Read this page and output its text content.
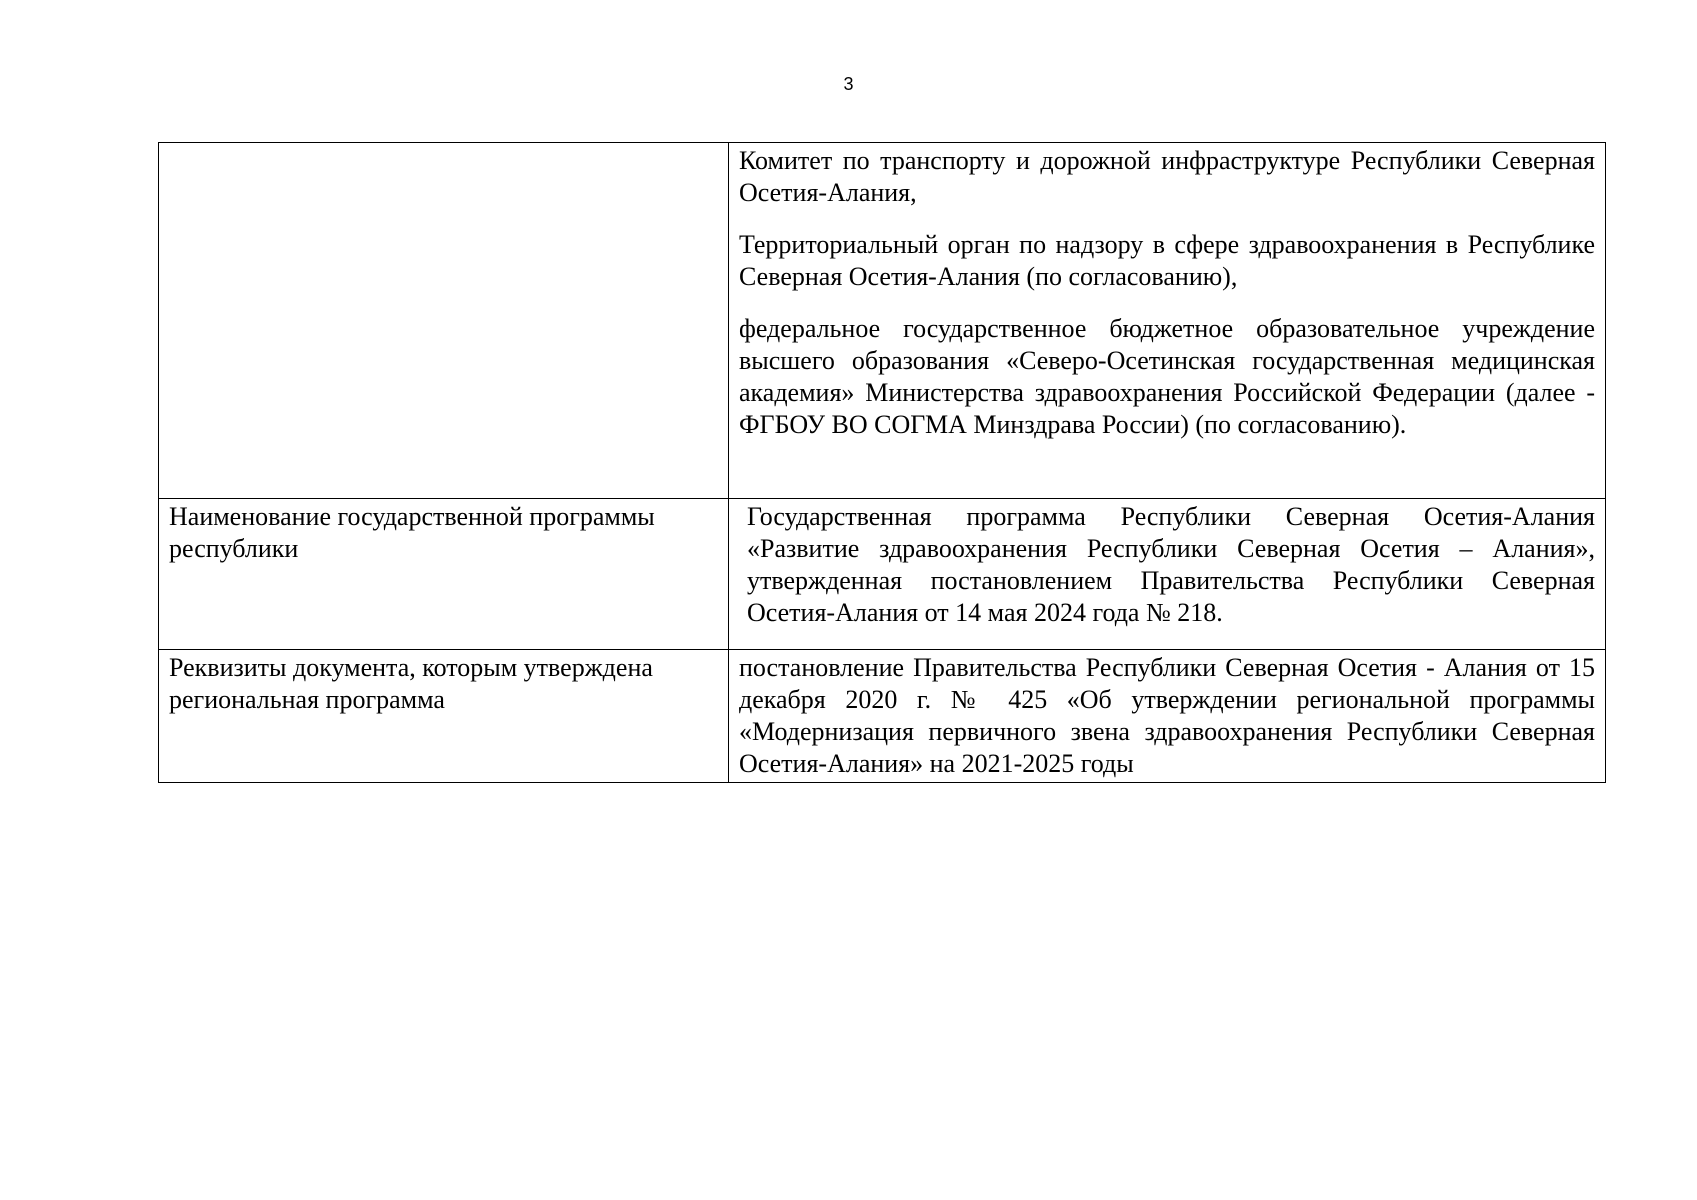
3

	Комитет по транспорту и дорожной инфраструктуре Республики Северная Осетия-Алания,

Территориальный орган по надзору в сфере здравоохранения в Республике Северная Осетия-Алания (по согласованию),

федеральное государственное бюджетное образовательное учреждение высшего образования «Северо-Осетинская государственная медицинская академия» Министерства здравоохранения Российской Федерации (далее - ФГБОУ ВО СОГМА Минздрава России) (по согласованию).

Наименование государственной программы республики	Государственная программа Республики Северная Осетия-Алания «Развитие здравоохранения Республики Северная Осетия – Алания», утвержденная постановлением Правительства Республики Северная Осетия-Алания от 14 мая 2024 года № 218.

Реквизиты документа, которым утверждена региональная программа	постановление Правительства Республики Северная Осетия - Алания от 15 декабря 2020 г. № 425 «Об утверждении региональной программы «Модернизация первичного звена здравоохранения Республики Северная Осетия-Алания» на 2021-2025 годы
